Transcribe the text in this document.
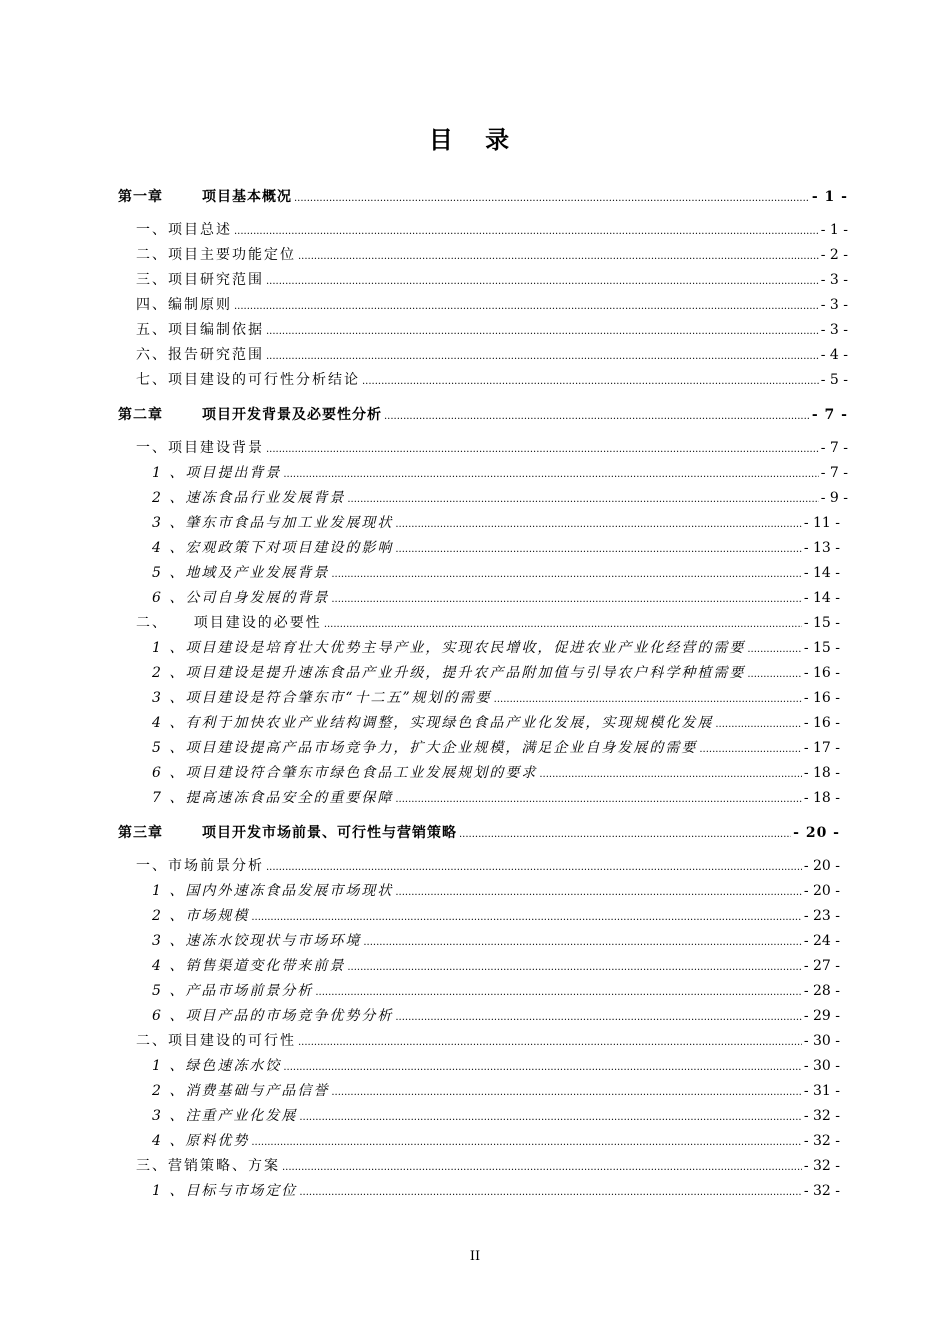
目 录
第一章	项目基本概况 .....	- 1 -
一、项目总述 .....	- 1 -
二、项目主要功能定位 .....	- 2 -
三、项目研究范围 .....	- 3 -
四、编制原则 .....	- 3 -
五、项目编制依据 .....	- 3 -
六、报告研究范围 .....	- 4 -
七、项目建设的可行性分析结论 .....	- 5 -
第二章	项目开发背景及必要性分析 .....	- 7 -
一、项目建设背景 .....	- 7 -
1 、项目提出背景 .....	- 7 -
2 、速冻食品行业发展背景 .....	- 9 -
3 、肇东市食品与加工业发展现状 .....	- 11 -
4 、宏观政策下对项目建设的影响 .....	- 13 -
5 、地域及产业发展背景 .....	- 14 -
6 、公司自身发展的背景 .....	- 14 -
二、    项目建设的必要性 .....	- 15 -
1 、项目建设是培育壮大优势主导产业，实现农民增收，促进农业产业化经营的需要 .....	- 15 -
2 、项目建设是提升速冻食品产业升级，提升农产品附加值与引导农户科学种植需要 .....	- 16 -
3 、项目建设是符合肇东市“十二五”规划的需要 .....	- 16 -
4 、有利于加快农业产业结构调整，实现绿色食品产业化发展，实现规模化发展 .....	- 16 -
5 、项目建设提高产品市场竞争力，扩大企业规模，满足企业自身发展的需要 .....	- 17 -
6 、项目建设符合肇东市绿色食品工业发展规划的要求 .....	- 18 -
7 、提高速冻食品安全的重要保障 .....	- 18 -
第三章	项目开发市场前景、可行性与营销策略 .....	- 20 -
一、市场前景分析 .....	- 20 -
1 、国内外速冻食品发展市场现状 .....	- 20 -
2 、市场规模 .....	- 23 -
3 、速冻水饺现状与市场环境 .....	- 24 -
4 、销售渠道变化带来前景 .....	- 27 -
5 、产品市场前景分析 .....	- 28 -
6 、项目产品的市场竞争优势分析 .....	- 29 -
二、项目建设的可行性 .....	- 30 -
1 、绿色速冻水饺 .....	- 30 -
2 、消费基础与产品信誉 .....	- 31 -
3 、注重产业化发展 .....	- 32 -
4 、原料优势 .....	- 32 -
三、营销策略、方案 .....	- 32 -
1 、目标与市场定位 .....	- 32 -
II
